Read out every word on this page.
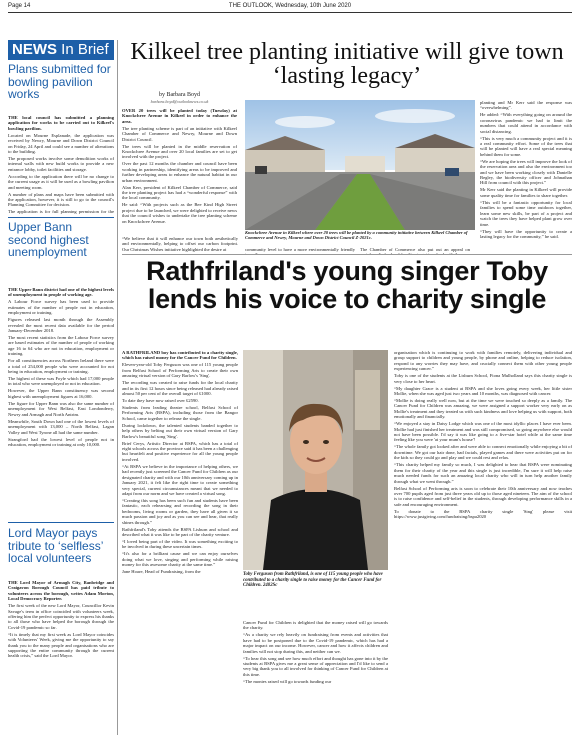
Page 14	THE OUTLOOK, Wednesday, 10th June 2020
NEWS In Brief
Plans submitted for bowling pavilion works

THE local council has submitted a planning application for works to be carried out to Kilkeel's bowling pavilion.

Located on Mourne Esplanade, the application was received by Newry, Mourne and Down District Council on Friday, 24 April and could see a number of alterations to the building.

The proposed works involve some demolition works of internal walls with new build works to provide a new entrance lobby, toilet facilities and storage.

According to the application there will be no change to the current usage as it will be used as a bowling pavilion and meeting room.

A number of plans and maps have been submitted with the application, however, it is still to go to the council's Planning Committee for decision.

The application is for full planning permission for the

Upper Bann second highest unemployment

THE Upper Bann district had one of the highest levels of unemployment in people of working age.

A Labour Force survey has been used to provide estimates of the number of people not in education, employment or training.

Figures released last month through the Assembly revealed the most recent data available for the period January-December 2018.

The most recent statistics from the Labour Force survey are based estimates of the number of people of working age 16 to 64 who are not in education, employment or training.

For all constituencies across Northern Ireland there were a total of 254,000 people who were accounted for not being in education, employment or training.

The highest of these was Foyle which had 17,000 people in total who were unemployed or not in education.

However, the Upper Bann constituency was second highest with unemployment figures at 16,000.

The figure for Upper Bann was also the same number of unemployment for West Belfast, East Londonderry, Newry and Armagh and North Antrim.

Meanwhile, South Down had one of the lowest levels of unemployment with 13,000 – North Belfast, Lagan Valley and West Tyrone all had the same number.

Strangford had the lowest level of people not in education, employment or training at only 10,000.

Lord Mayor pays tribute to ‘selfless’ local volunteers

THE Lord Mayor of Armagh City, Banbridge and Craigavon Borough Council has paid tribute to volunteers across the borough, writes Adam Morton, Local Democracy Reporter.

The first week of the new Lord Mayor, Councillor Kevin Savage's term in office coincided with volunteers week, offering him the perfect opportunity to express his thanks to all those who have helped the borough through the Covid-19 pandemic so far.

“It is timely that my first week as Lord Mayor coincides with Volunteers' Week, giving me the opportunity to say thank you to the many people and organisations who are supporting the entire community through the current health crisis,” said the Lord Mayor.

Kilkeel tree planting initiative will give town ‘lasting legacy’
by Barbara Boyd
barbara.boyd@outlooknews.co.uk

OVER 20 trees will be planted today (Tuesday) at Knockchree Avenue in Kilkeel in order to enhance the area.

The tree planting scheme is part of an initiative with Kilkeel Chamber of Commerce and Newry, Mourne and Down District Council.

The trees will be planted in the middle reservation of Knockchree Avenue and over 20 local families are set to get involved with the project.

Over the past 12 months the chamber and council have been working in partnership, identifying areas to be improved and further developing areas to enhance the natural habitat in our urban environment.

Alan Kerr, president of Kilkeel Chamber of Commerce, said the tree planting project has had a “wonderful response” with the local community.

He said: “With projects such as the Bee Kind High Street project due to be launched, we were delighted to receive news that the council wishes to undertake the tree planting scheme on Knockchree Avenue.

Knockchree Avenue in Kilkeel where over 20 trees will be planted by a community initiative between Kilkeel Chamber of Commerce and Newry, Mourne and Down District Council Z-2021c.

“We believe that it will enhance our town both aesthetically and environmentally, helping to offset our carbon footprint. Our Christmas Wishes initiative highlighted the desire at	community level to have a more environmentally friendly The Chamber of Commerce also put out an appeal on

planting and Mr Kerr said the response was “overwhelming”.

He added: “With everything going on around the coronavirus pandemic we had to limit the numbers that could attend in accordance with social distancing.

“This is very much a community project and it is a real community effort. Some of the trees that will be planted will have a real special meaning behind them for some.

“We are hoping the trees will improve the look of the reservation area and also the environment too and we have been working closely with Danielle Begley, the biodiversity officer and Johnathan Hill from council with this project.”

Mr Kerr said the planting in Kilkeel will provide some quality time for families to share together.

“This will be a fantastic opportunity for local families to spend some time outdoors together, learn some new skills, be part of a project and watch the trees they have helped plant grow over time.

“They will have the opportunity to create a lasting legacy for the community,” he said.

Rathfriland's young singer Toby lends his voice to charity single

A RATHFRILAND boy has contributed to a charity single, which has raised money for the Cancer Fund for Children.

Eleven-year-old Toby Ferguson was one of 115 young people from Belfast School of Performing Arts to create their own amazing virtual version of Gary Barlow's 'Sing'.

The recording was created to raise funds for the local charity and in its first 12 hours since being released had already raised almost 50 per cent of the overall target of £1000.

To date they have now raised over £2590.

Students from leading theatre school, Belfast School of Performing Arts (BSPA), including those from the Bangor School, came together to release the single.

During lockdown, the talented students banded together to help others by belting out their own virtual version of Gary Barlow's beautiful song 'Sing'.

Brief Cerys, Artistic Director at BSPA, which has a total of eight schools across the province said it has been a challenging but heartfelt and positive experience for all the young people involved.

“At BSPA we believe in the importance of helping others, we had recently just screened the Cancer Fund for Children as our designated charity and with our 10th anniversary coming up in January 2021, it felt like the right time to create something very special, current circumstances meant that we needed to adapt from our norm and we have created a virtual song.

“Creating this song has been such fun and students have been fantastic, each rehearsing and recording the song in their bedrooms, living rooms or garden, they have all given it so much passion and joy and as you can see and hear, that really shines through.”

Rathfriland's Toby attends the BSPA Lisburn and school and described what it was like to be part of the charity venture.

“I loved being part of the video. It was something exciting to be involved in during these uncertain times.

“It's also for a brilliant cause and we can enjoy ourselves doing what we love, singing and performing while raising money for this awesome charity at the same time.”

Jane Hoare, Head of Fundraising, from the

Toby Ferguson from Rathfriland, is one of 115 young people who have contributed to a charity single to raise money for the Cancer Fund for Children. 2402Sc

Cancer Fund for Children is delighted that the money raised will go towards the charity.

“As a charity we rely heavily on fundraising from events and activities that have had to be postponed due to the Covid-19 pandemic, which has had a major impact on our income. However, cancer and how it affects children and families will not stop during this, and neither can we.

“To hear this song and see how much effort and thought has gone into it by the students at BSPA gives me a great sense of appreciation and I'd like to send a very big thank you to all involved for thinking of Cancer Fund for Children at this time.

“The monies raised will go towards funding our

organisation which is continuing to work with families remotely, delivering individual and group support to children and young people, by phone and online, helping to reduce isolation, respond to any worries they may have, and crucially connect them with other young people experiencing cancer.”

Toby is one of the students at the Lisburn School, Fiona Mulholland says this charity single is very close to her heart.

“My daughter Grace is a student at BSPA and she loves going every week, her little sister Mollie, when she was aged just two years and 10 months, was diagnosed with cancer.

“Mollie is doing really well now, but at the time we were touched so deeply as a family. The Cancer Fund for Children was amazing, we were assigned a support worker very early on as Mollie's treatment and they treated us with such kindness and love helping us with support, both emotionally and financially.

“We enjoyed a stay in Daisy Lodge which was one of the most idyllic places I have ever been. Mollie had just finished her treatment and was still compromised, so going anywhere else would not have been possible. I'd say it was like going to a five-star hotel while at the same time feeling like you were 'at your mum's house'!

“The whole family got looked after and were able to connect emotionally while enjoying a bit of downtime. We got our hair done, had facials, played games and there were activities put on for the kids so they could go and play and we could rest and relax.

“This charity helped my family so much, I was delighted to hear that BSPA were nominating them for their charity of the year and this single is just incredible, I'm sure it will help raise much needed funds for such an amazing local charity who will in turn help another family through what we went through.”

Belfast School of Performing arts is soon to celebrate their 10th anniversary and now teaches over 700 pupils aged from just three years old up to those aged nineteen. The aim of the school is to raise confidence and self-belief in the students, through developing performance skills in a safe and encouraging environment.

To donate to the BSPA charity single 'Sing' please visit https://www.justgiving.com/fundraising/bspa2020
